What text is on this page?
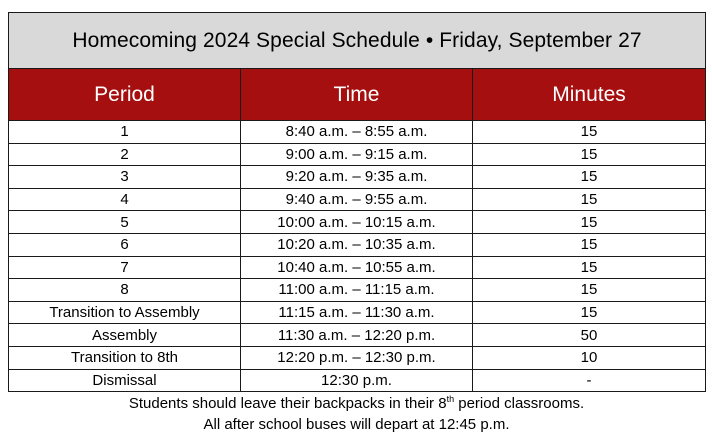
Homecoming 2024 Special Schedule • Friday, September 27		
Period	Time	Minutes
1	8:40 a.m. – 8:55 a.m.	15
2	9:00 a.m. – 9:15 a.m.	15
3	9:20 a.m. – 9:35 a.m.	15
4	9:40 a.m. – 9:55 a.m.	15
5	10:00 a.m. – 10:15 a.m.	15
6	10:20 a.m. – 10:35 a.m.	15
7	10:40 a.m. – 10:55 a.m.	15
8	11:00 a.m. – 11:15 a.m.	15
Transition to Assembly	11:15 a.m. – 11:30 a.m.	15
Assembly	11:30 a.m. – 12:20 p.m.	50
Transition to 8th	12:20 p.m. – 12:30 p.m.	10
Dismissal	12:30 p.m.	-
Students should leave their backpacks in their 8th period classrooms.
All after school buses will depart at 12:45 p.m.
